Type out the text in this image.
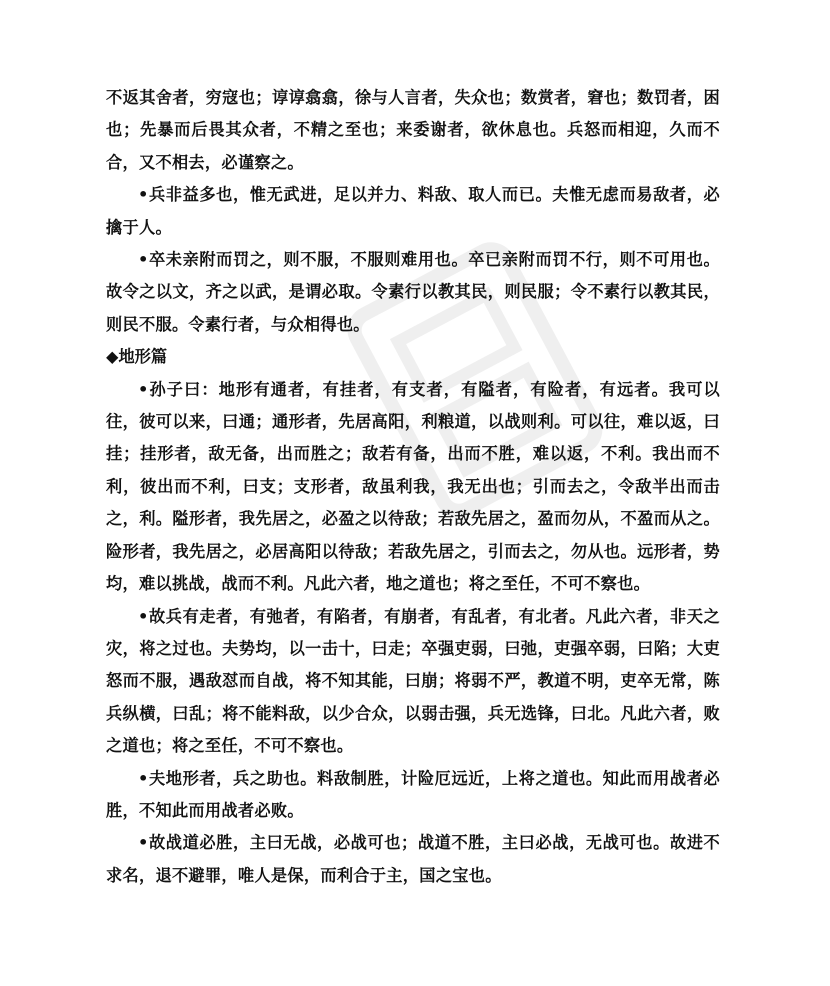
不返其舍者，穷寇也；谆谆翕翕，徐与人言者，失众也；数赏者，窘也；数罚者，困也；先暴而后畏其众者，不精之至也；来委谢者，欲休息也。兵怒而相迎，久而不合，又不相去，必谨察之。

•兵非益多也，惟无武进，足以并力、料敌、取人而已。夫惟无虑而易敌者，必擒于人。

•卒未亲附而罚之，则不服，不服则难用也。卒已亲附而罚不行，则不可用也。故令之以文，齐之以武，是谓必取。令素行以教其民，则民服；令不素行以教其民，则民不服。令素行者，与众相得也。

◆地形篇

•孙子曰：地形有通者，有挂者，有支者，有隘者，有险者，有远者。我可以往，彼可以来，曰通；通形者，先居高阳，利粮道，以战则利。可以往，难以返，曰挂；挂形者，敌无备，出而胜之；敌若有备，出而不胜，难以返，不利。我出而不利，彼出而不利，曰支；支形者，敌虽利我，我无出也；引而去之，令敌半出而击之，利。隘形者，我先居之，必盈之以待敌；若敌先居之，盈而勿从，不盈而从之。险形者，我先居之，必居高阳以待敌；若敌先居之，引而去之，勿从也。远形者，势均，难以挑战，战而不利。凡此六者，地之道也；将之至任，不可不察也。

•故兵有走者，有弛者，有陷者，有崩者，有乱者，有北者。凡此六者，非天之灾，将之过也。夫势均，以一击十，曰走；卒强吏弱，曰弛，吏强卒弱，曰陷；大吏怒而不服，遇敌怼而自战，将不知其能，曰崩；将弱不严，教道不明，吏卒无常，陈兵纵横，曰乱；将不能料敌，以少合众，以弱击强，兵无选锋，曰北。凡此六者，败之道也；将之至任，不可不察也。

•夫地形者，兵之助也。料敌制胜，计险厄远近，上将之道也。知此而用战者必胜，不知此而用战者必败。

•故战道必胜，主曰无战，必战可也；战道不胜，主曰必战，无战可也。故进不求名，退不避罪，唯人是保，而利合于主，国之宝也。
